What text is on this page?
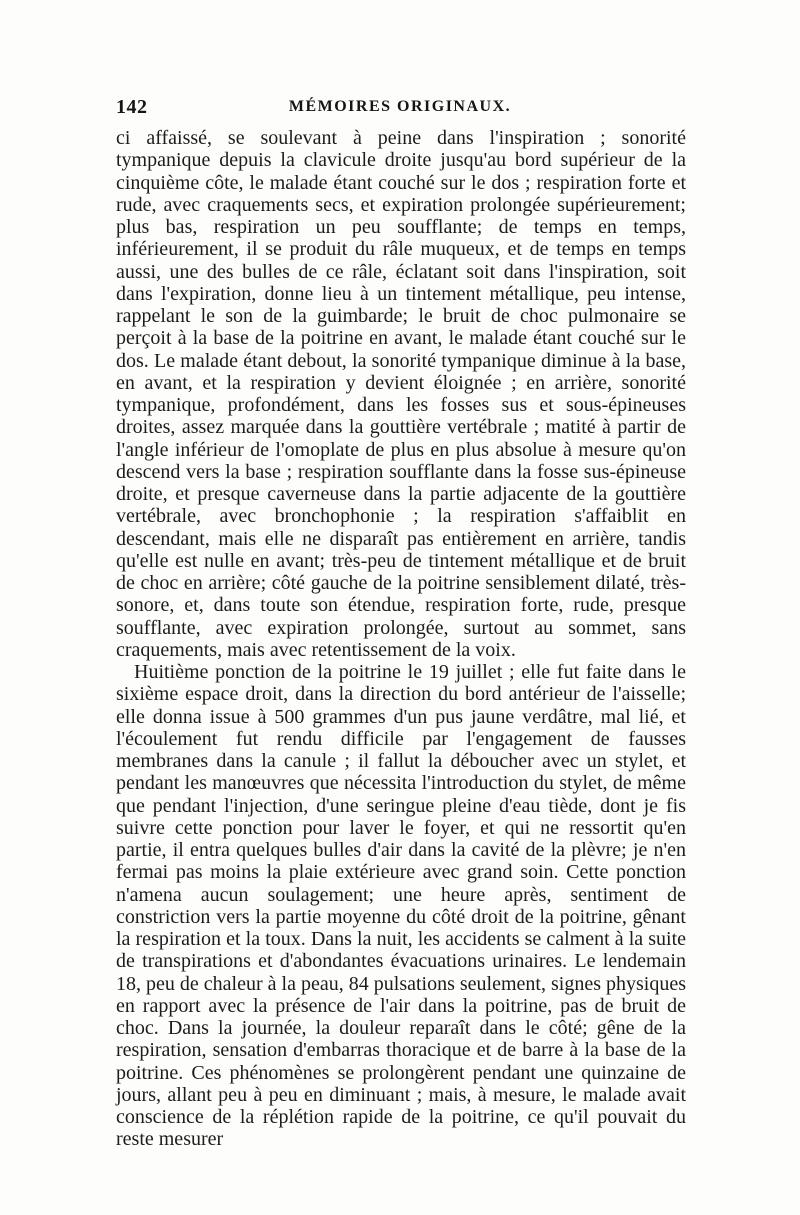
142	MÉMOIRES ORIGINAUX.

ci affaissé, se soulevant à peine dans l'inspiration ; sonorité tympanique depuis la clavicule droite jusqu'au bord supérieur de la cinquième côte, le malade étant couché sur le dos ; respiration forte et rude, avec craquements secs, et expiration prolongée supérieurement; plus bas, respiration un peu soufflante; de temps en temps, inférieurement, il se produit du râle muqueux, et de temps en temps aussi, une des bulles de ce râle, éclatant soit dans l'inspiration, soit dans l'expiration, donne lieu à un tintement métallique, peu intense, rappelant le son de la guimbarde; le bruit de choc pulmonaire se perçoit à la base de la poitrine en avant, le malade étant couché sur le dos. Le malade étant debout, la sonorité tympanique diminue à la base, en avant, et la respiration y devient éloignée ; en arrière, sonorité tympanique, profondément, dans les fosses sus et sous-épineuses droites, assez marquée dans la gouttière vertébrale ; matité à partir de l'angle inférieur de l'omoplate de plus en plus absolue à mesure qu'on descend vers la base ; respiration soufflante dans la fosse sus-épineuse droite, et presque caverneuse dans la partie adjacente de la gouttière vertébrale, avec bronchophonie ; la respiration s'affaiblit en descendant, mais elle ne disparaît pas entièrement en arrière, tandis qu'elle est nulle en avant; très-peu de tintement métallique et de bruit de choc en arrière; côté gauche de la poitrine sensiblement dilaté, très-sonore, et, dans toute son étendue, respiration forte, rude, presque soufflante, avec expiration prolongée, surtout au sommet, sans craquements, mais avec retentissement de la voix.

Huitième ponction de la poitrine le 19 juillet ; elle fut faite dans le sixième espace droit, dans la direction du bord antérieur de l'aisselle; elle donna issue à 500 grammes d'un pus jaune verdâtre, mal lié, et l'écoulement fut rendu difficile par l'engagement de fausses membranes dans la canule ; il fallut la déboucher avec un stylet, et pendant les manœuvres que nécessita l'introduction du stylet, de même que pendant l'injection, d'une seringue pleine d'eau tiède, dont je fis suivre cette ponction pour laver le foyer, et qui ne ressortit qu'en partie, il entra quelques bulles d'air dans la cavité de la plèvre; je n'en fermai pas moins la plaie extérieure avec grand soin. Cette ponction n'amena aucun soulagement; une heure après, sentiment de constriction vers la partie moyenne du côté droit de la poitrine, gênant la respiration et la toux. Dans la nuit, les accidents se calment à la suite de transpirations et d'abondantes évacuations urinaires. Le lendemain 18, peu de chaleur à la peau, 84 pulsations seulement, signes physiques en rapport avec la présence de l'air dans la poitrine, pas de bruit de choc. Dans la journée, la douleur reparaît dans le côté; gêne de la respiration, sensation d'embarras thoracique et de barre à la base de la poitrine. Ces phénomènes se prolongèrent pendant une quinzaine de jours, allant peu à peu en diminuant ; mais, à mesure, le malade avait conscience de la réplétion rapide de la poitrine, ce qu'il pouvait du reste mesurer
